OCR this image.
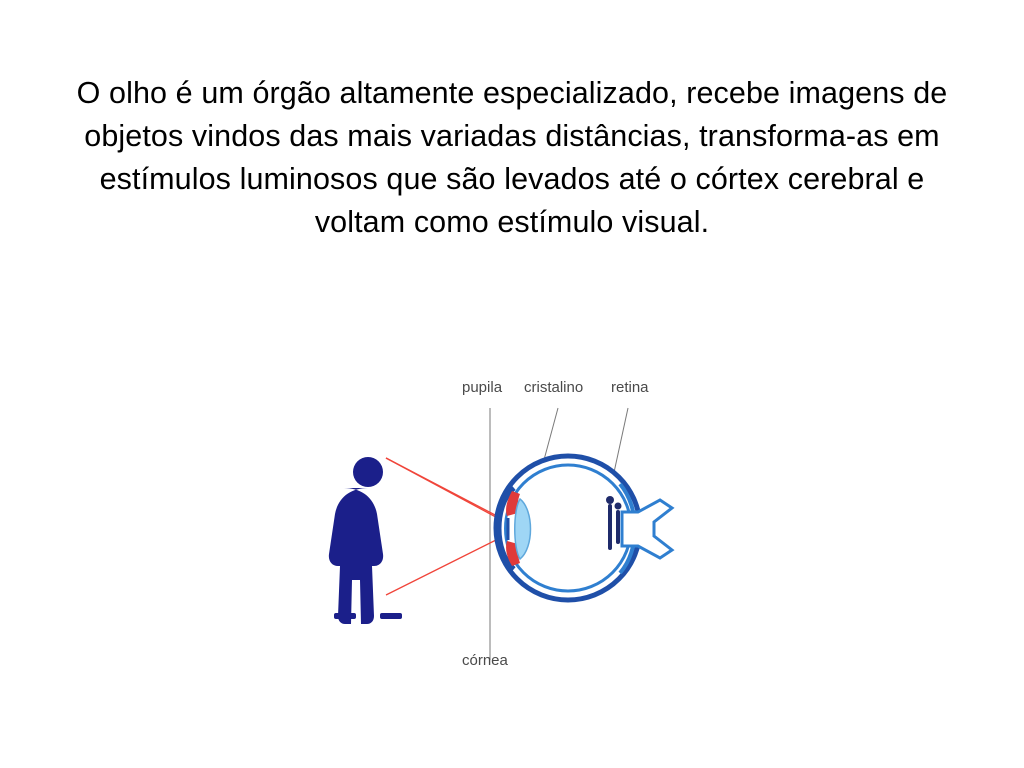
O olho é um órgão altamente especializado, recebe imagens de objetos vindos das mais variadas distâncias, transforma-as em estímulos luminosos que são levados até o córtex cerebral e voltam como estímulo visual.
pupila cristalino retina
córnea
